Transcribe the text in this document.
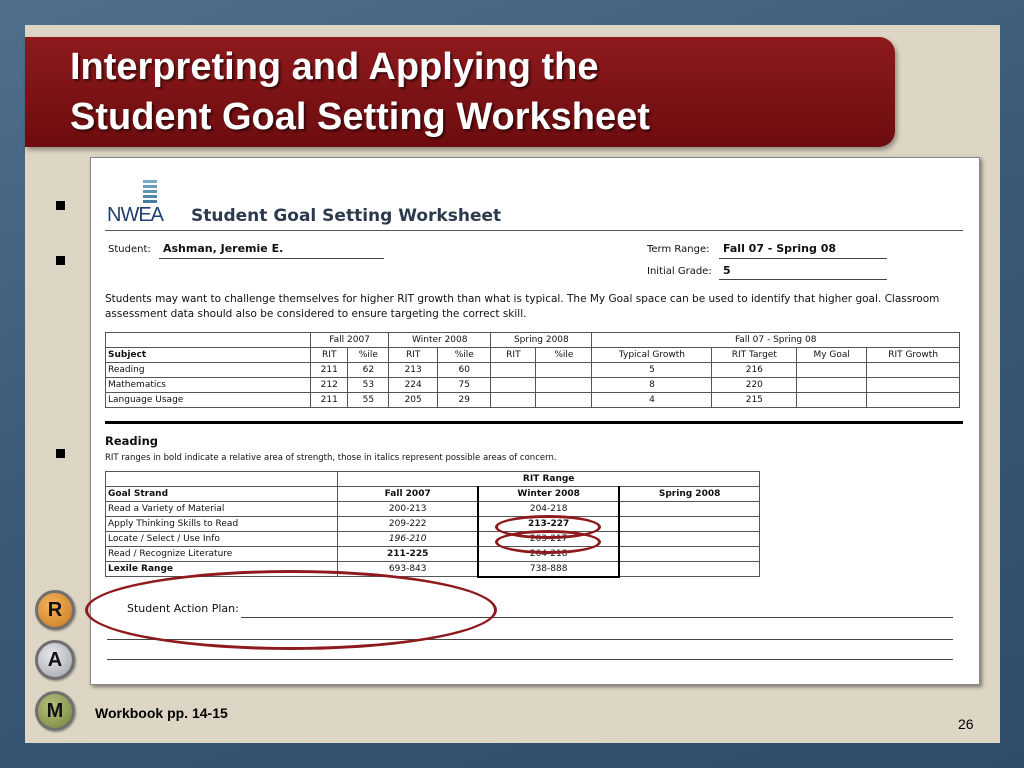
Interpreting and Applying the
Student Goal Setting Worksheet
NWEA Student Goal Setting Worksheet
Student: Ashman, Jeremie E.	Term Range: Fall 07 - Spring 08
Initial Grade: 5
Students may want to challenge themselves for higher RIT growth than what is typical. The My Goal space can be used to identify that higher goal. Classroom assessment data should also be considered to ensure targeting the correct skill.
	Fall 2007		Winter 2008		Spring 2008		Fall 07 - Spring 08			
Subject	RIT	%ile	RIT	%ile	RIT	%ile	Typical Growth	RIT Target	My Goal	RIT Growth
Reading	211	62	213	60			5	216		
Mathematics	212	53	224	75			8	220		
Language Usage	211	55	205	29			4	215		
Reading
RIT ranges in bold indicate a relative area of strength, those in italics represent possible areas of concern.
	RIT Range		
Goal Strand	Fall 2007	Winter 2008	Spring 2008
Read a Variety of Material	200-213	204-218	
Apply Thinking Skills to Read	209-222	213-227	
Locate / Select / Use Info	196-210	203-217	
Read / Recognize Literature	211-225	204-218	
Lexile Range	693-843	738-888	
Student Action Plan:
R
A
M Workbook pp. 14-15
26
